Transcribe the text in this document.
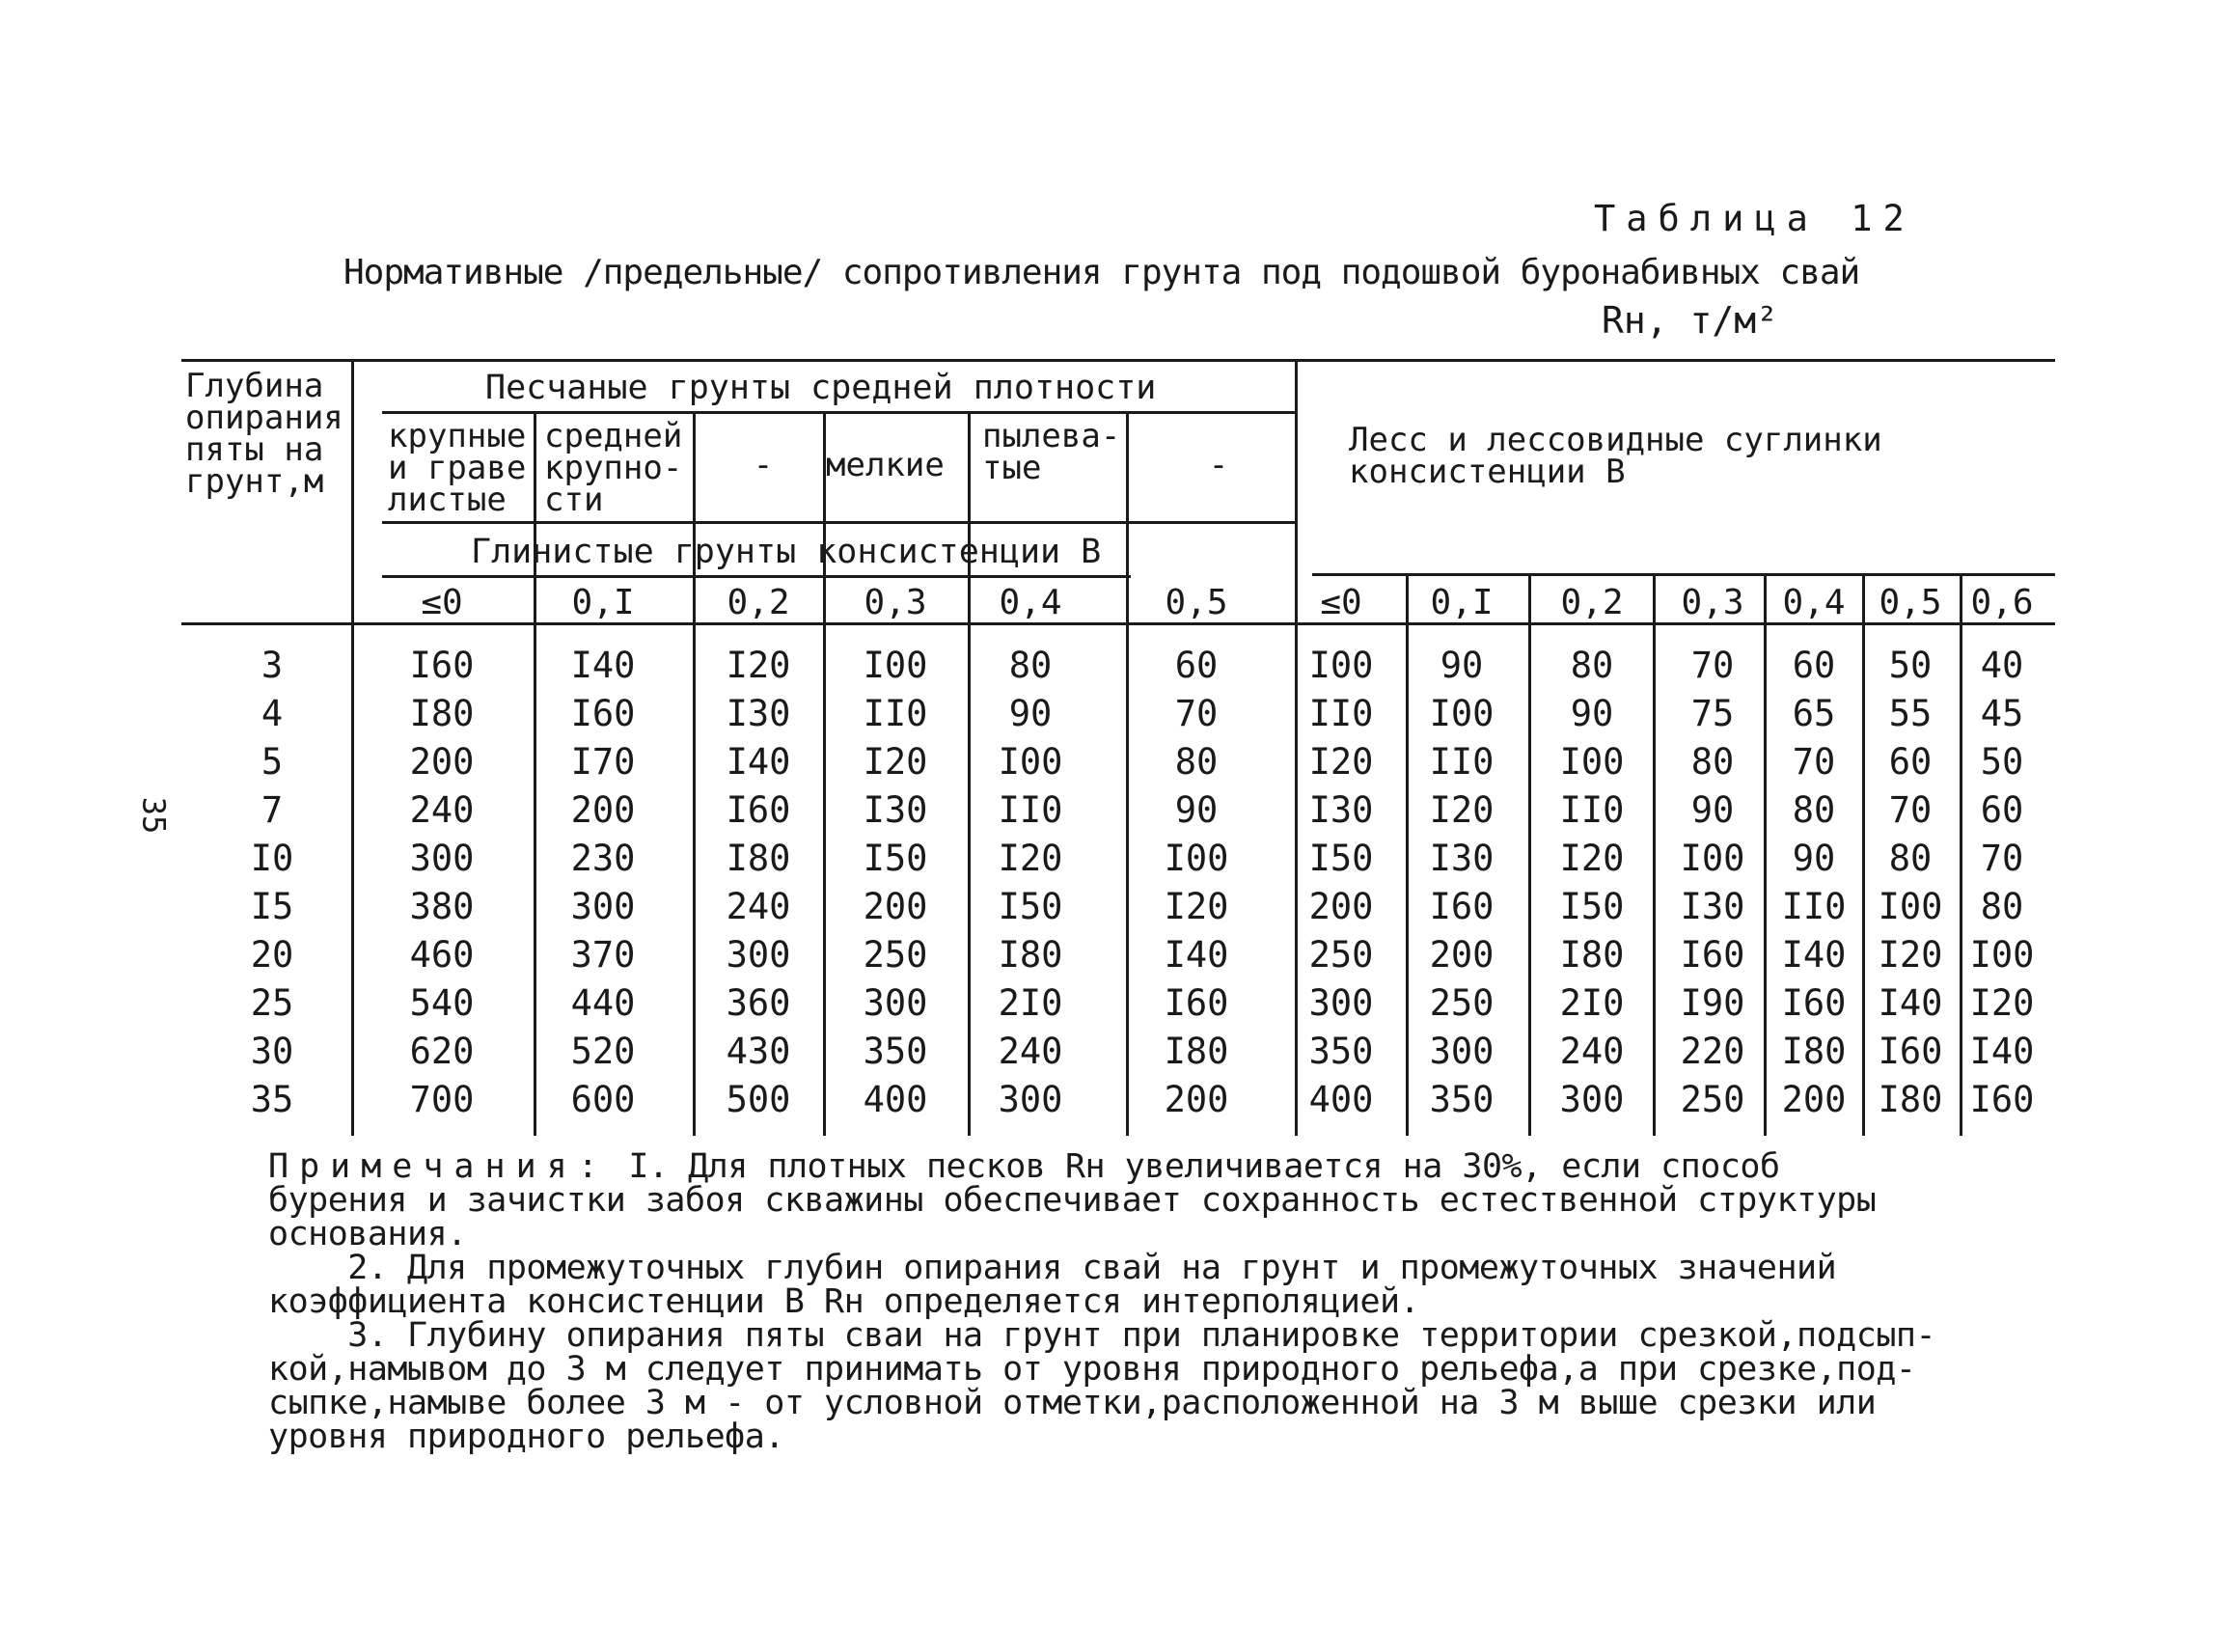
Таблица 12
Нормативные /предельные/ сопротивления грунта под подошвой буронабивных свай
Rн, т/м²
35
Глубина
опирания
пяты на
грунт,м
Песчаные грунты средней плотности
крупные
и граве
листые
средней
крупно-
сти
-	мелкие
пылева-
тые	-
Глинистые грунты консистенции В
≤0	0,I	0,2	0,3	0,4	0,5
Лесс и лессовидные суглинки
консистенции В
≤0	0,I	0,2	0,3	0,4 0,5 0,6
3	I60	I40	I20	I00	80	60	I00	90	80	70	60	50	40
4	I80	I60	I30	II0	90	70	II0	I00	90	75	65	55	45
5	200	I70	I40	I20	I00	80	I20	II0	I00	80	70	60	50
7	240	200	I60	I30	II0	90	I30	I20	II0	90	80	70	60
I0	300	230	I80	I50	I20	I00	I50	I30	I20	I00	90	80	70
I5	380	300	240	200	I50	I20	200	I60	I50	I30	II0 I00	80
20	460	370	300	250	I80	I40	250	200	I80	I60	I40 I20 I00
25	540	440	360	300	2I0	I60	300	250	2I0	I90	I60 I40 I20
30	620	520	430	350	240	I80	350	300	240	220	I80 I60 I40
35	700	600	500	400	300	200	400	350	300	250	200 I80 I60
Примечания: I. Для плотных песков Rн увеличивается на 30%, если способ
бурения и зачистки забоя скважины обеспечивает сохранность естественной структуры
основания.
2. Для промежуточных глубин опирания свай на грунт и промежуточных значений
коэффициента консистенции В Rн определяется интерполяцией.
3. Глубину опирания пяты сваи на грунт при планировке территории срезкой,подсып-
кой,намывом до 3 м следует принимать от уровня природного рельефа,а при срезке,под-
сыпке,намыве более 3 м - от условной отметки,расположенной на 3 м выше срезки или
уровня природного рельефа.
